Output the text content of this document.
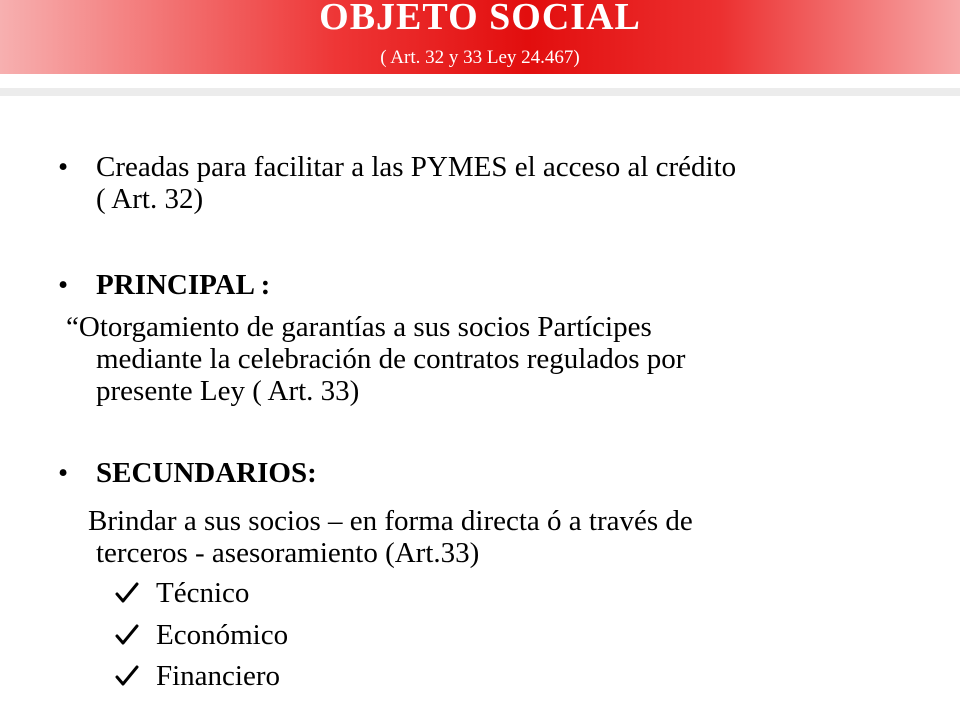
OBJETO SOCIAL
( Art. 32 y 33 Ley 24.467)
• Creadas para facilitar a las PYMES el acceso al crédito
( Art. 32)
• PRINCIPAL :
“Otorgamiento de garantías a sus socios Partícipes
mediante la celebración de contratos regulados por
presente Ley ( Art. 33)
• SECUNDARIOS:
Brindar a sus socios – en forma directa ó a través de
terceros - asesoramiento (Art.33)
Técnico
Económico
Financiero
